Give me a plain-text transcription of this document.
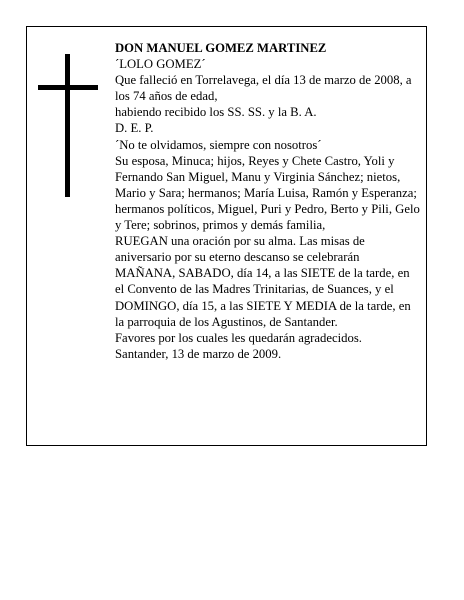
DON MANUEL GOMEZ MARTINEZ

´LOLO GOMEZ´

Que falleció en Torrelavega, el día 13 de marzo de 2008, a los 74 años de edad,

habiendo recibido los SS. SS. y la B. A.

D. E. P.

´No te olvidamos, siempre con nosotros´

Su esposa, Minuca; hijos, Reyes y Chete Castro, Yoli y Fernando San Miguel, Manu y Virginia Sánchez; nietos, Mario y Sara; hermanos; María Luisa, Ramón y Esperanza; hermanos políticos, Miguel, Puri y Pedro, Berto y Pili, Gelo y Tere; sobrinos, primos y demás familia,

RUEGAN una oración por su alma. Las misas de aniversario por su eterno descanso se celebrarán MAÑANA, SABADO, día 14, a las SIETE de la tarde, en el Convento de las Madres Trinitarias, de Suances, y el DOMINGO, día 15, a las SIETE Y MEDIA de la tarde, en la parroquia de los Agustinos, de Santander.

Favores por los cuales les quedarán agradecidos.

Santander, 13 de marzo de 2009.
